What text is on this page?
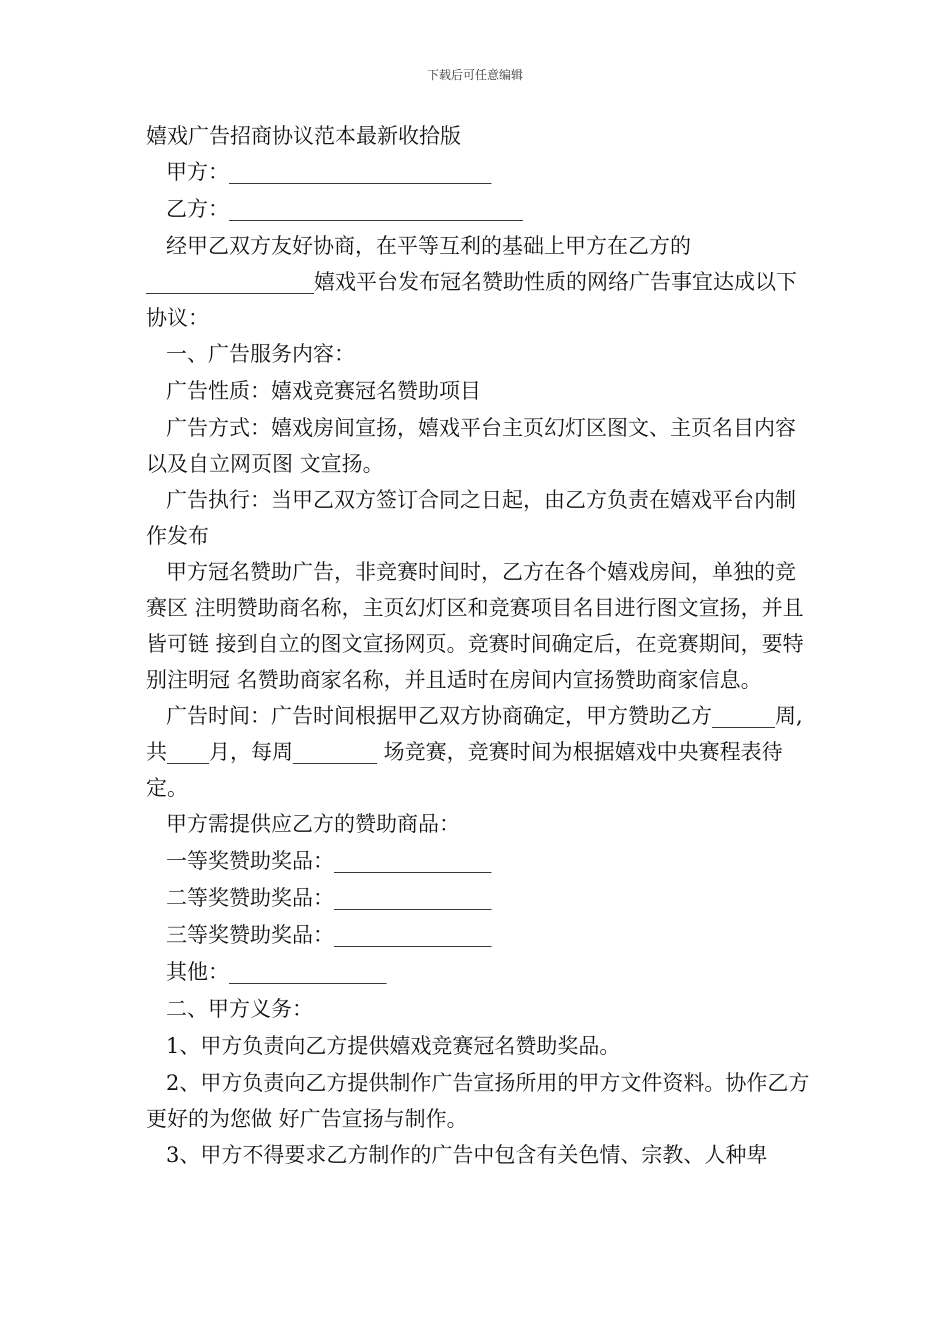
下载后可任意编辑
嬉戏广告招商协议范本最新收拾版
甲方：_________________________
乙方：____________________________

经甲乙双方友好协商，在平等互利的基础上甲方在乙方的________________嬉戏平台发布冠名赞助性质的网络广告事宜达成以下协议：

一、广告服务内容：
广告性质：嬉戏竞赛冠名赞助项目

广告方式：嬉戏房间宣扬，嬉戏平台主页幻灯区图文、主页名目内容以及自立网页图 文宣扬。

广告执行：当甲乙双方签订合同之日起，由乙方负责在嬉戏平台内制作发布

甲方冠名赞助广告，非竞赛时间时，乙方在各个嬉戏房间，单独的竞赛区 注明赞助商名称，主页幻灯区和竞赛项目名目进行图文宣扬，并且皆可链 接到自立的图文宣扬网页。竞赛时间确定后，在竞赛期间，要特别注明冠 名赞助商家名称，并且适时在房间内宣扬赞助商家信息。

广告时间：广告时间根据甲乙双方协商确定，甲方赞助乙方______周,共____月，每周________ 场竞赛，竞赛时间为根据嬉戏中央赛程表待定。

甲方需提供应乙方的赞助商品：
一等奖赞助奖品：_______________
二等奖赞助奖品：_______________
三等奖赞助奖品：_______________
其他：_______________
二、甲方义务：
1、甲方负责向乙方提供嬉戏竞赛冠名赞助奖品。

2、甲方负责向乙方提供制作广告宣扬所用的甲方文件资料。协作乙方更好的为您做 好广告宣扬与制作。

3、甲方不得要求乙方制作的广告中包含有关色情、宗教、人种卑
